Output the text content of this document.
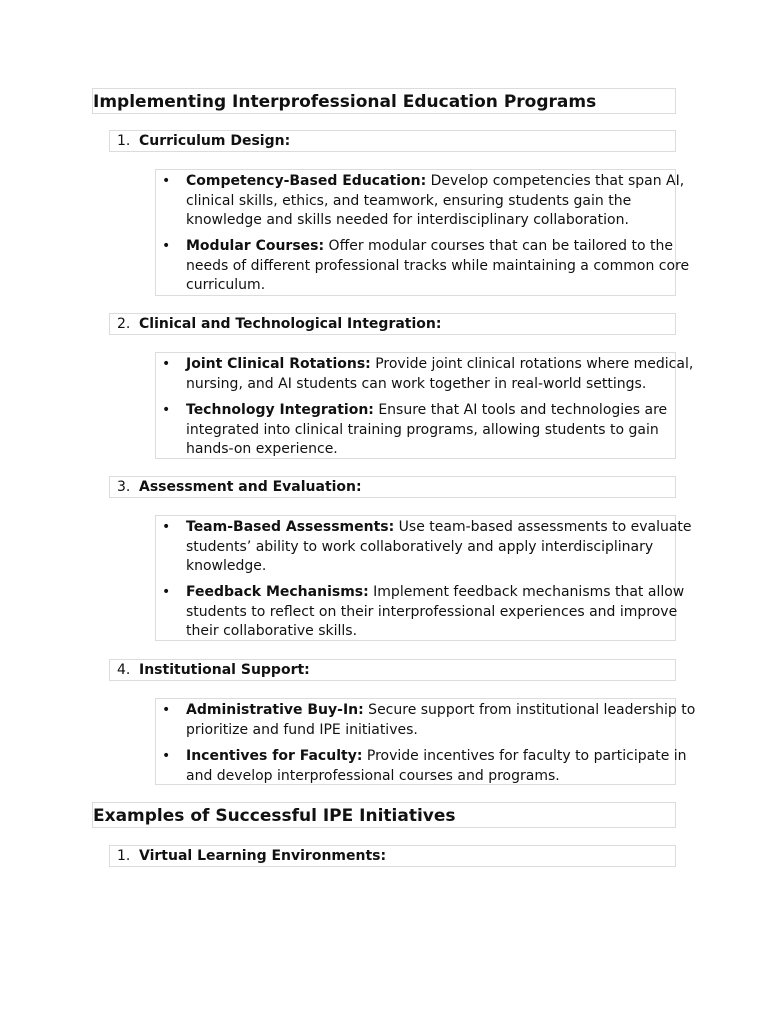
Implementing Interprofessional Education Programs
1. Curriculum Design:
• Competency-Based Education: Develop competencies that span AI,
clinical skills, ethics, and teamwork, ensuring students gain the
knowledge and skills needed for interdisciplinary collaboration.
• Modular Courses: Offer modular courses that can be tailored to the
needs of different professional tracks while maintaining a common core
curriculum.
2. Clinical and Technological Integration:
• Joint Clinical Rotations: Provide joint clinical rotations where medical,
nursing, and AI students can work together in real-world settings.
• Technology Integration: Ensure that AI tools and technologies are
integrated into clinical training programs, allowing students to gain
hands-on experience.
3. Assessment and Evaluation:
• Team-Based Assessments: Use team-based assessments to evaluate
students’ ability to work collaboratively and apply interdisciplinary
knowledge.
• Feedback Mechanisms: Implement feedback mechanisms that allow
students to reflect on their interprofessional experiences and improve
their collaborative skills.
4. Institutional Support:
• Administrative Buy-In: Secure support from institutional leadership to
prioritize and fund IPE initiatives.
• Incentives for Faculty: Provide incentives for faculty to participate in
and develop interprofessional courses and programs.
Examples of Successful IPE Initiatives
1. Virtual Learning Environments:
